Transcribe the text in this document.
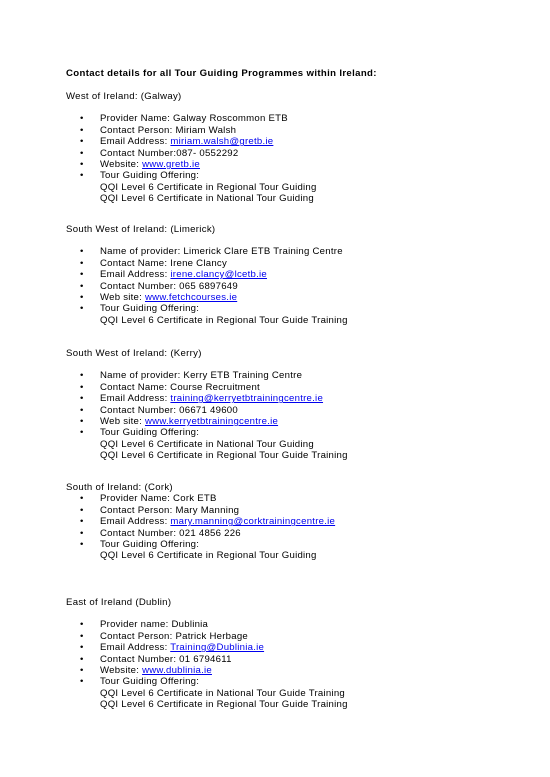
Contact details for all Tour Guiding Programmes within Ireland:
West of Ireland: (Galway)
• Provider Name: Galway Roscommon ETB
• Contact Person: Miriam Walsh
• Email Address: miriam.walsh@gretb.ie
• Contact Number:087- 0552292
• Website: www.gretb.ie
• Tour Guiding Offering:
QQI Level 6 Certificate in Regional Tour Guiding
QQI Level 6 Certificate in National Tour Guiding
South West of Ireland: (Limerick)
• Name of provider: Limerick Clare ETB Training Centre
• Contact Name: Irene Clancy
• Email Address: irene.clancy@lcetb.ie
• Contact Number: 065 6897649
• Web site: www.fetchcourses.ie
• Tour Guiding Offering:
QQI Level 6 Certificate in Regional Tour Guide Training
South West of Ireland: (Kerry)
• Name of provider: Kerry ETB Training Centre
• Contact Name: Course Recruitment
• Email Address: training@kerryetbtrainingcentre.ie
• Contact Number: 06671 49600
• Web site: www.kerryetbtrainingcentre.ie
• Tour Guiding Offering:
QQI Level 6 Certificate in National Tour Guiding
QQI Level 6 Certificate in Regional Tour Guide Training
South of Ireland: (Cork)
• Provider Name: Cork ETB
• Contact Person: Mary Manning
• Email Address: mary.manning@corktrainingcentre.ie
• Contact Number: 021 4856 226
• Tour Guiding Offering:
QQI Level 6 Certificate in Regional Tour Guiding
East of Ireland (Dublin)
• Provider name: Dublinia
• Contact Person: Patrick Herbage
• Email Address: Training@Dublinia.ie
• Contact Number: 01 6794611
• Website: www.dublinia.ie
• Tour Guiding Offering:
QQI Level 6 Certificate in National Tour Guide Training
QQI Level 6 Certificate in Regional Tour Guide Training
